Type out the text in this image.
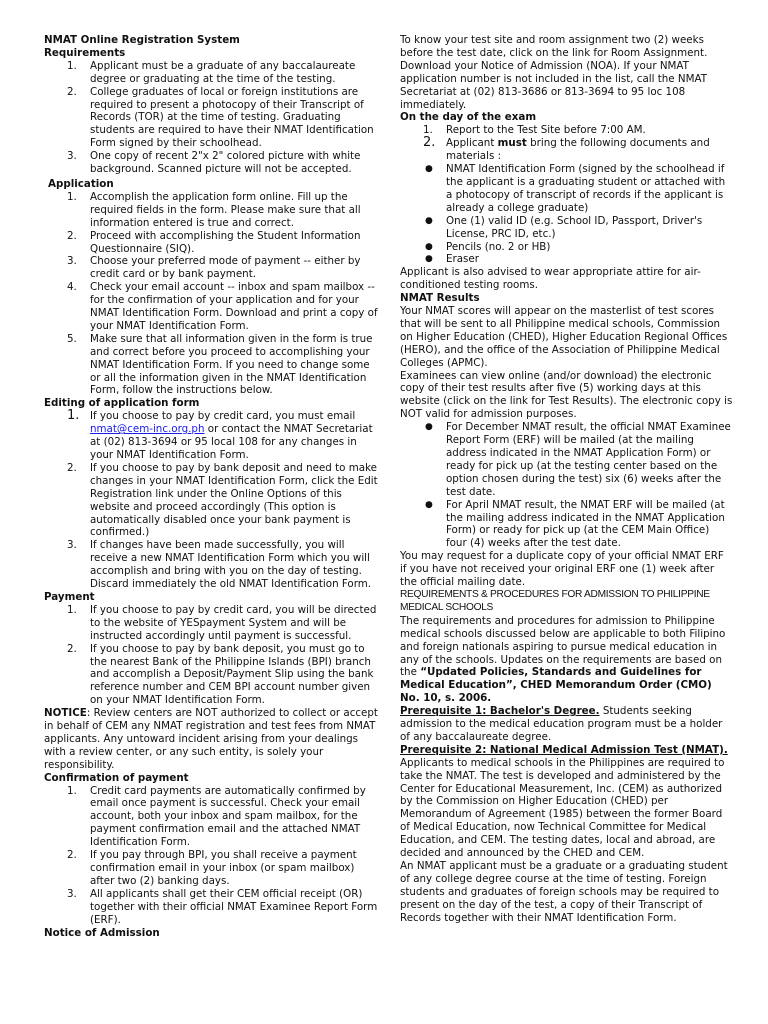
NMAT Online Registration System

Requirements

1. Applicant must be a graduate of any baccalaureate degree or graduating at the time of the testing.
2. College graduates of local or foreign institutions are required to present a photocopy of their Transcript of Records (TOR) at the time of testing. Graduating students are required to have their NMAT Identification Form signed by their schoolhead.
3. One copy of recent 2"x 2" colored picture with white background. Scanned picture will not be accepted.

Application

1. Accomplish the application form online. Fill up the required fields in the form. Please make sure that all information entered is true and correct.
2. Proceed with accomplishing the Student Information Questionnaire (SIQ).
3. Choose your preferred mode of payment -- either by credit card or by bank payment.
4. Check your email account -- inbox and spam mailbox -- for the confirmation of your application and for your NMAT Identification Form. Download and print a copy of your NMAT Identification Form.
5. Make sure that all information given in the form is true and correct before you proceed to accomplishing your NMAT Identification Form. If you need to change some or all the information given in the NMAT Identification Form, follow the instructions below.

Editing of application form

1. If you choose to pay by credit card, you must email nmat@cem-inc.org.ph or contact the NMAT Secretariat at (02) 813-3694 or 95 local 108 for any changes in your NMAT Identification Form.
2. If you choose to pay by bank deposit and need to make changes in your NMAT Identification Form, click the Edit Registration link under the Online Options of this website and proceed accordingly (This option is automatically disabled once your bank payment is confirmed.)
3. If changes have been made successfully, you will receive a new NMAT Identification Form which you will accomplish and bring with you on the day of testing. Discard immediately the old NMAT Identification Form.

Payment

1. If you choose to pay by credit card, you will be directed to the website of YESpayment System and will be instructed accordingly until payment is successful.
2. If you choose to pay by bank deposit, you must go to the nearest Bank of the Philippine Islands (BPI) branch and accomplish a Deposit/Payment Slip using the bank reference number and CEM BPI account number given on your NMAT Identification Form.

NOTICE: Review centers are NOT authorized to collect or accept in behalf of CEM any NMAT registration and test fees from NMAT applicants. Any untoward incident arising from your dealings with a review center, or any such entity, is solely your responsibility.

Confirmation of payment

1. Credit card payments are automatically confirmed by email once payment is successful. Check your email account, both your inbox and spam mailbox, for the payment confirmation email and the attached NMAT Identification Form.
2. If you pay through BPI, you shall receive a payment confirmation email in your inbox (or spam mailbox) after two (2) banking days.
3. All applicants shall get their CEM official receipt (OR) together with their official NMAT Examinee Report Form (ERF).

Notice of Admission

To know your test site and room assignment two (2) weeks before the test date, click on the link for Room Assignment. Download your Notice of Admission (NOA). If your NMAT application number is not included in the list, call the NMAT Secretariat at (02) 813-3686 or 813-3694 to 95 loc 108 immediately.

On the day of the exam

1. Report to the Test Site before 7:00 AM.
2. Applicant must bring the following documents and materials :
● NMAT Identification Form (signed by the schoolhead if the applicant is a graduating student or attached with a photocopy of transcript of records if the applicant is already a college graduate)
● One (1) valid ID (e.g. School ID, Passport, Driver's License, PRC ID, etc.)
● Pencils (no. 2 or HB)
● Eraser

Applicant is also advised to wear appropriate attire for air-conditioned testing rooms.

NMAT Results

Your NMAT scores will appear on the masterlist of test scores that will be sent to all Philippine medical schools, Commission on Higher Education (CHED), Higher Education Regional Offices (HERO), and the office of the Association of Philippine Medical Colleges (APMC).

Examinees can view online (and/or download) the electronic copy of their test results after five (5) working days at this website (click on the link for Test Results). The electronic copy is NOT valid for admission purposes.

● For December NMAT result, the official NMAT Examinee Report Form (ERF) will be mailed (at the mailing address indicated in the NMAT Application Form) or ready for pick up (at the testing center based on the option chosen during the test) six (6) weeks after the test date.
● For April NMAT result, the NMAT ERF will be mailed (at the mailing address indicated in the NMAT Application Form) or ready for pick up (at the CEM Main Office) four (4) weeks after the test date.

You may request for a duplicate copy of your official NMAT ERF if you have not received your original ERF one (1) week after the official mailing date.

REQUIREMENTS & PROCEDURES FOR ADMISSION TO PHILIPPINE MEDICAL SCHOOLS

The requirements and procedures for admission to Philippine medical schools discussed below are applicable to both Filipino and foreign nationals aspiring to pursue medical education in any of the schools. Updates on the requirements are based on the “Updated Policies, Standards and Guidelines for Medical Education”, CHED Memorandum Order (CMO) No. 10, s. 2006.

Prerequisite 1: Bachelor's Degree. Students seeking admission to the medical education program must be a holder of any baccalaureate degree.

Prerequisite 2: National Medical Admission Test (NMAT). Applicants to medical schools in the Philippines are required to take the NMAT. The test is developed and administered by the Center for Educational Measurement, Inc. (CEM) as authorized by the Commission on Higher Education (CHED) per Memorandum of Agreement (1985) between the former Board of Medical Education, now Technical Committee for Medical Education, and CEM. The testing dates, local and abroad, are decided and announced by the CHED and CEM.

An NMAT applicant must be a graduate or a graduating student of any college degree course at the time of testing. Foreign students and graduates of foreign schools may be required to present on the day of the test, a copy of their Transcript of Records together with their NMAT Identification Form.
